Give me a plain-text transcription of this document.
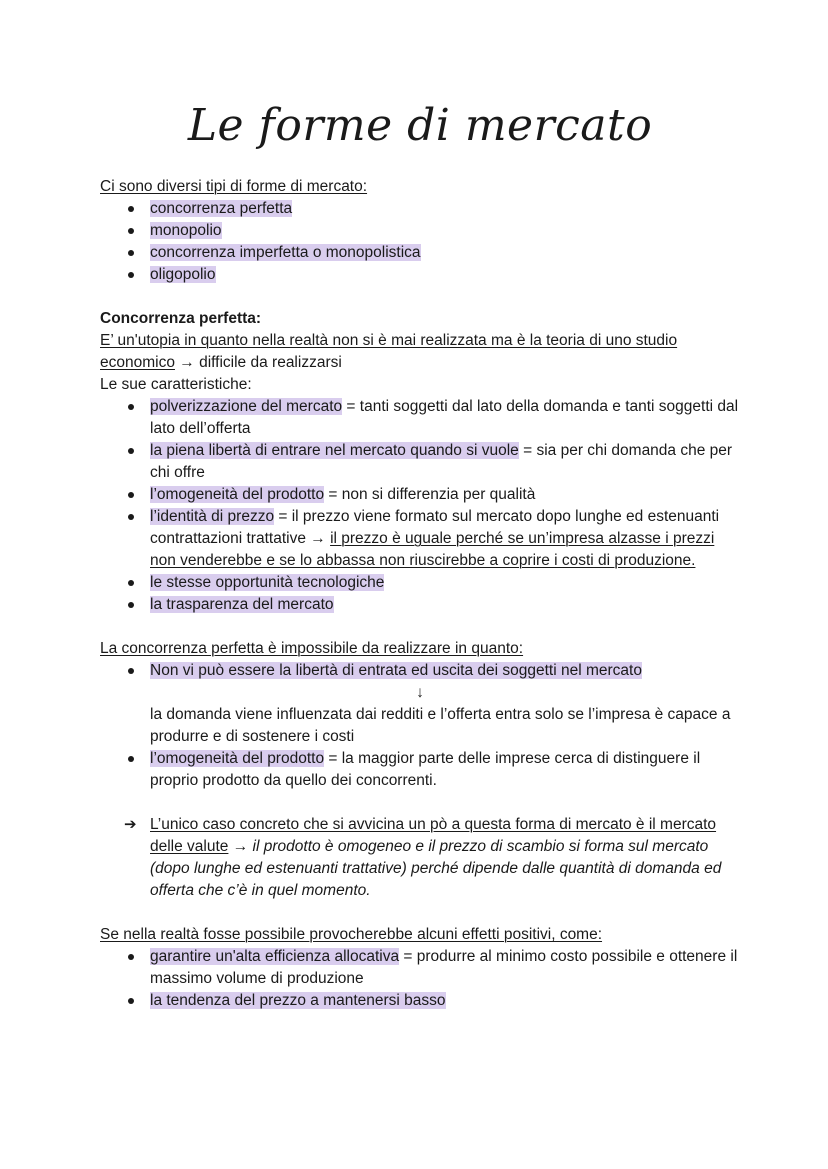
Le forme di mercato

Ci sono diversi tipi di forme di mercato:

concorrenza perfetta
monopolio
concorrenza imperfetta o monopolistica
oligopolio

Concorrenza perfetta:

E’ un'utopia in quanto nella realtà non si è mai realizzata ma è la teoria di uno studio economico → difficile da realizzarsi

Le sue caratteristiche:

polverizzazione del mercato = tanti soggetti dal lato della domanda e tanti soggetti dal lato dell’offerta
la piena libertà di entrare nel mercato quando si vuole = sia per chi domanda che per chi offre
l’omogeneità del prodotto = non si differenzia per qualità
l’identità di prezzo = il prezzo viene formato sul mercato dopo lunghe ed estenuanti contrattazioni trattative → il prezzo è uguale perché se un’impresa alzasse i prezzi non venderebbe e se lo abbassa non riuscirebbe a coprire i costi di produzione.
le stesse opportunità tecnologiche
la trasparenza del mercato

La concorrenza perfetta è impossibile da realizzare in quanto:

Non vi può essere la libertà di entrata ed uscita dei soggetti nel mercato
↓
la domanda viene influenzata dai redditi e l’offerta entra solo se l’impresa è capace a produrre e di sostenere i costi
l’omogeneità del prodotto = la maggior parte delle imprese cerca di distinguere il proprio prodotto da quello dei concorrenti.
➔ L’unico caso concreto che si avvicina un pò a questa forma di mercato è il mercato delle valute → il prodotto è omogeneo e il prezzo di scambio si forma sul mercato (dopo lunghe ed estenuanti trattative) perché dipende dalle quantità di domanda ed offerta che c’è in quel momento.

Se nella realtà fosse possibile provocherebbe alcuni effetti positivi, come:

garantire un'alta efficienza allocativa = produrre al minimo costo possibile e ottenere il massimo volume di produzione
la tendenza del prezzo a mantenersi basso
